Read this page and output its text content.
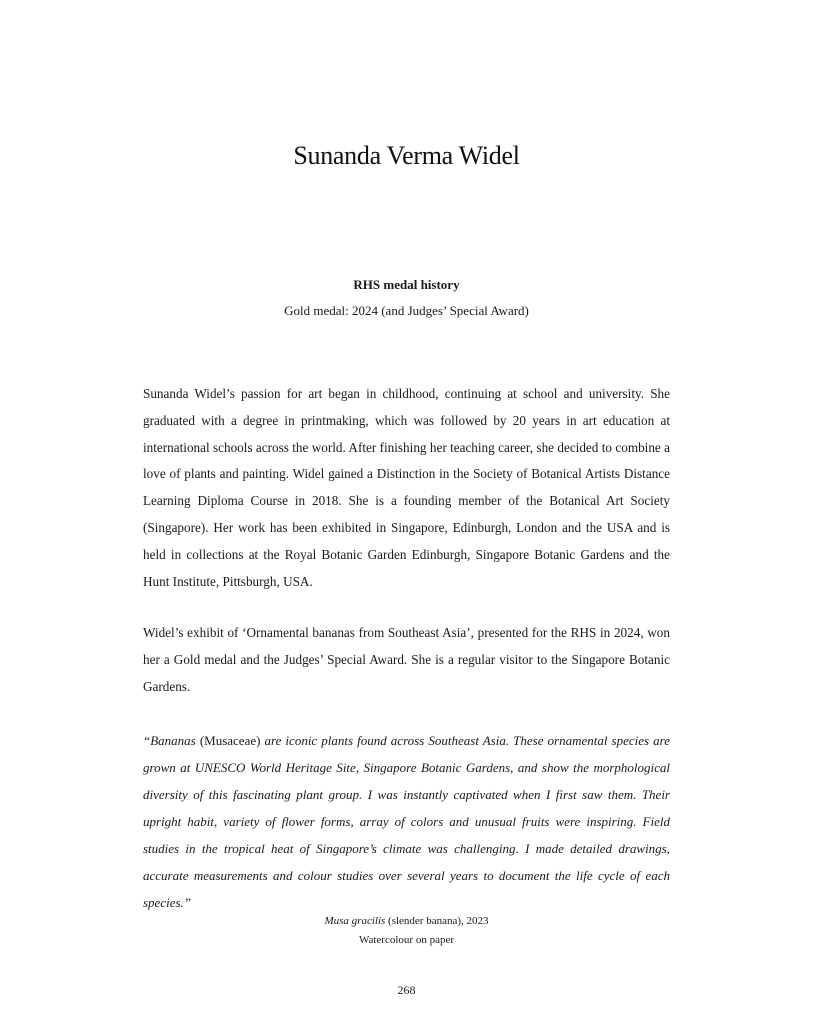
Sunanda Verma Widel

RHS medal history

Gold medal: 2024 (and Judges’ Special Award)

Sunanda Widel’s passion for art began in childhood, continuing at school and university. She graduated with a degree in printmaking, which was followed by 20 years in art education at international schools across the world. After finishing her teaching career, she decided to combine a love of plants and painting. Widel gained a Distinction in the Society of Botanical Artists Distance Learning Diploma Course in 2018. She is a founding member of the Botanical Art Society (Singapore). Her work has been exhibited in Singapore, Edinburgh, London and the USA and is held in collections at the Royal Botanic Garden Edinburgh, Singapore Botanic Gardens and the Hunt Institute, Pittsburgh, USA.

Widel’s exhibit of ‘Ornamental bananas from Southeast Asia’, presented for the RHS in 2024, won her a Gold medal and the Judges’ Special Award. She is a regular visitor to the Singapore Botanic Gardens.

“Bananas (Musaceae) are iconic plants found across Southeast Asia. These ornamental species are grown at UNESCO World Heritage Site, Singapore Botanic Gardens, and show the morphological diversity of this fascinating plant group. I was instantly captivated when I first saw them. Their upright habit, variety of flower forms, array of colors and unusual fruits were inspiring. Field studies in the tropical heat of Singapore’s climate was challenging. I made detailed drawings, accurate measurements and colour studies over several years to document the life cycle of each species.”

Musa gracilis (slender banana), 2023
Watercolour on paper
268
